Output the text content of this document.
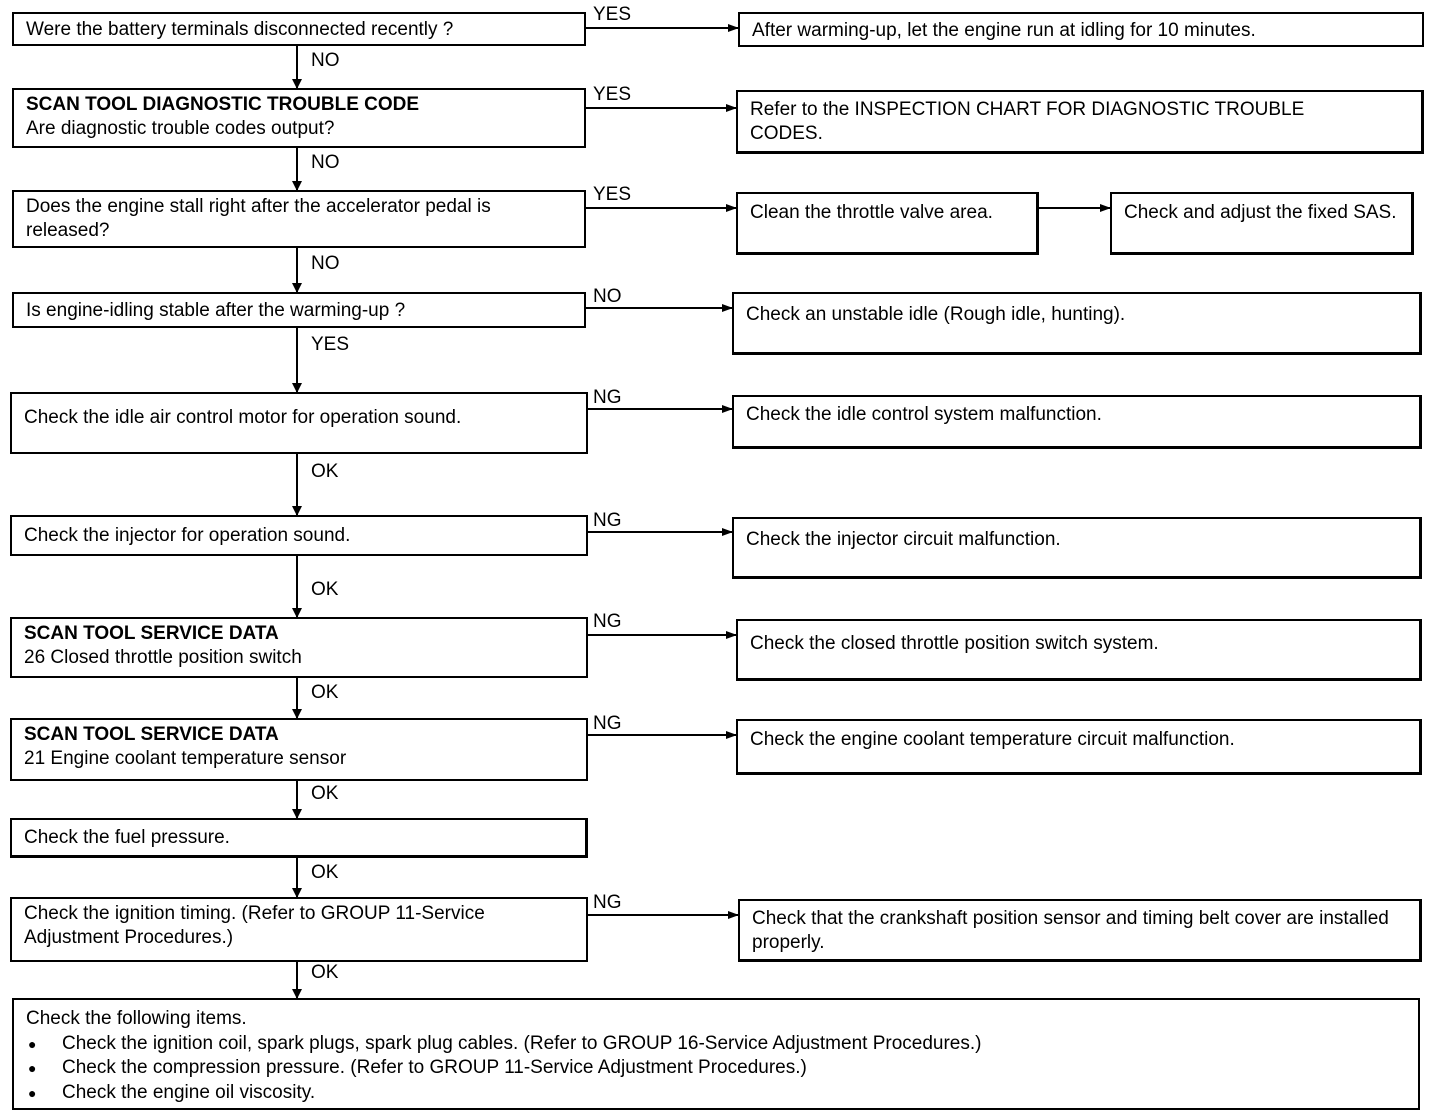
Were the battery terminals disconnected recently ?
YES
NO
After warming-up, let the engine run at idling for 10 minutes.
SCAN TOOL DIAGNOSTIC TROUBLE CODE
Are diagnostic trouble codes output?
YES
NO
Refer to the INSPECTION CHART FOR DIAGNOSTIC TROUBLE CODES.
Does the engine stall right after the accelerator pedal is released?
YES
NO
Clean the throttle valve area.	Check and adjust the fixed SAS.
Is engine-idling stable after the warming-up ?
NO
YES
Check an unstable idle (Rough idle, hunting).
Check the idle air control motor for operation sound.
NG
OK
Check the idle control system malfunction.
Check the injector for operation sound.
NG
OK
Check the injector circuit malfunction.
SCAN TOOL SERVICE DATA
26 Closed throttle position switch
NG
OK
Check the closed throttle position switch system.
SCAN TOOL SERVICE DATA
21 Engine coolant temperature sensor
NG
OK
Check the engine coolant temperature circuit malfunction.
Check the fuel pressure.
OK
Check the ignition timing. (Refer to GROUP 11-Service Adjustment Procedures.)
NG
OK
Check that the crankshaft position sensor and timing belt cover are installed properly.
Check the following items.
● Check the ignition coil, spark plugs, spark plug cables. (Refer to GROUP 16-Service Adjustment Procedures.)
● Check the compression pressure. (Refer to GROUP 11-Service Adjustment Procedures.)
● Check the engine oil viscosity.
